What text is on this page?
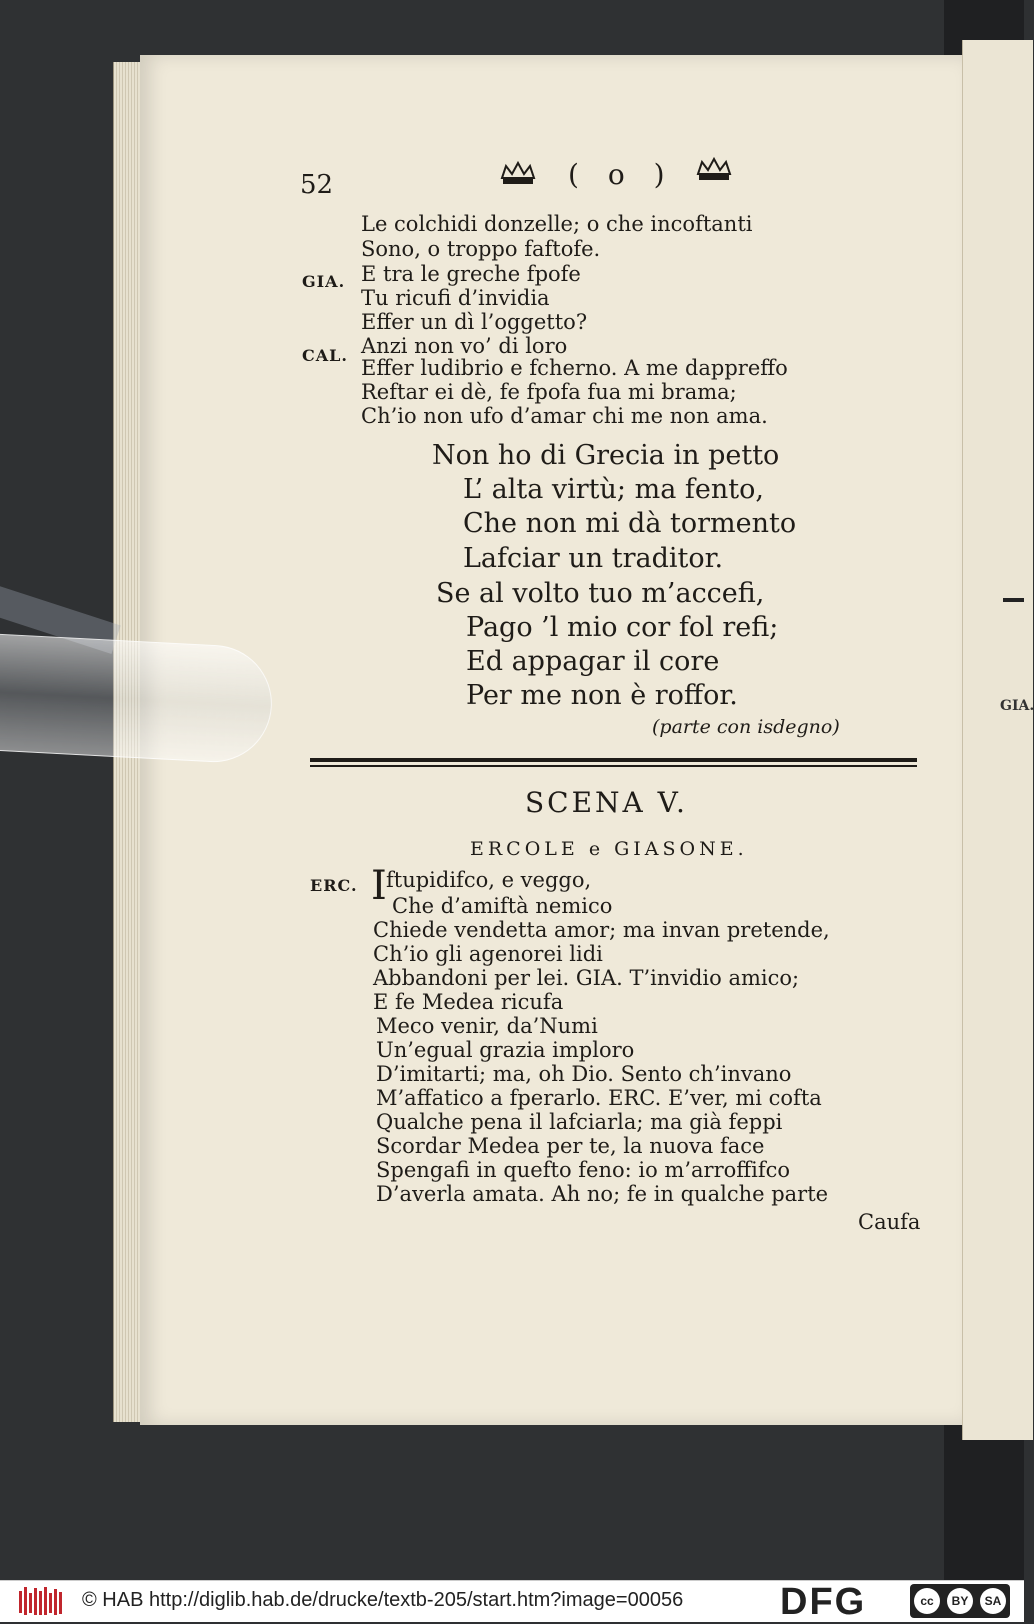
GIA.
52	( o )
Le colchidi donzelle; o che incoftanti
Sono, o troppo faftofe.
GIA. E tra le greche fpofe
Tu ricufi d’invidia
Effer un dì l’oggetto?
CAL. Anzi non vo’ di loro
Effer ludibrio e fcherno. A me dappreffo
Reftar ei dè, fe fpofa fua mi brama;
Ch’io non ufo d’amar chi me non ama.
Non ho di Grecia in petto
L’ alta virtù; ma fento,
Che non mi dà tormento
Lafciar un traditor.
Se al volto tuo m’accefi,
Pago ’l mio cor fol refi;
Ed appagar il core
Per me non è roffor.
(parte con isdegno)
SCENA V.
ERCOLE e GIASONE.
ERC. I ftupidifco, e veggo,
Che d’amiftà nemico
Chiede vendetta amor; ma invan pretende,
Ch’io gli agenorei lidi
Abbandoni per lei. GIA. T’invidio amico;
E fe Medea ricufa
Meco venir, da’Numi
Un’egual grazia imploro
D’imitarti; ma, oh Dio. Sento ch’invano
M’affatico a fperarlo. ERC. E’ver, mi cofta
Qualche pena il lafciarla; ma già feppi
Scordar Medea per te, la nuova face
Spengafi in quefto feno: io m’arroffifco
D’averla amata. Ah no; fe in qualche parte
Caufa
© HAB http://diglib.hab.de/drucke/textb-205/start.htm?image=00056	DFG	cc	BY	SA
